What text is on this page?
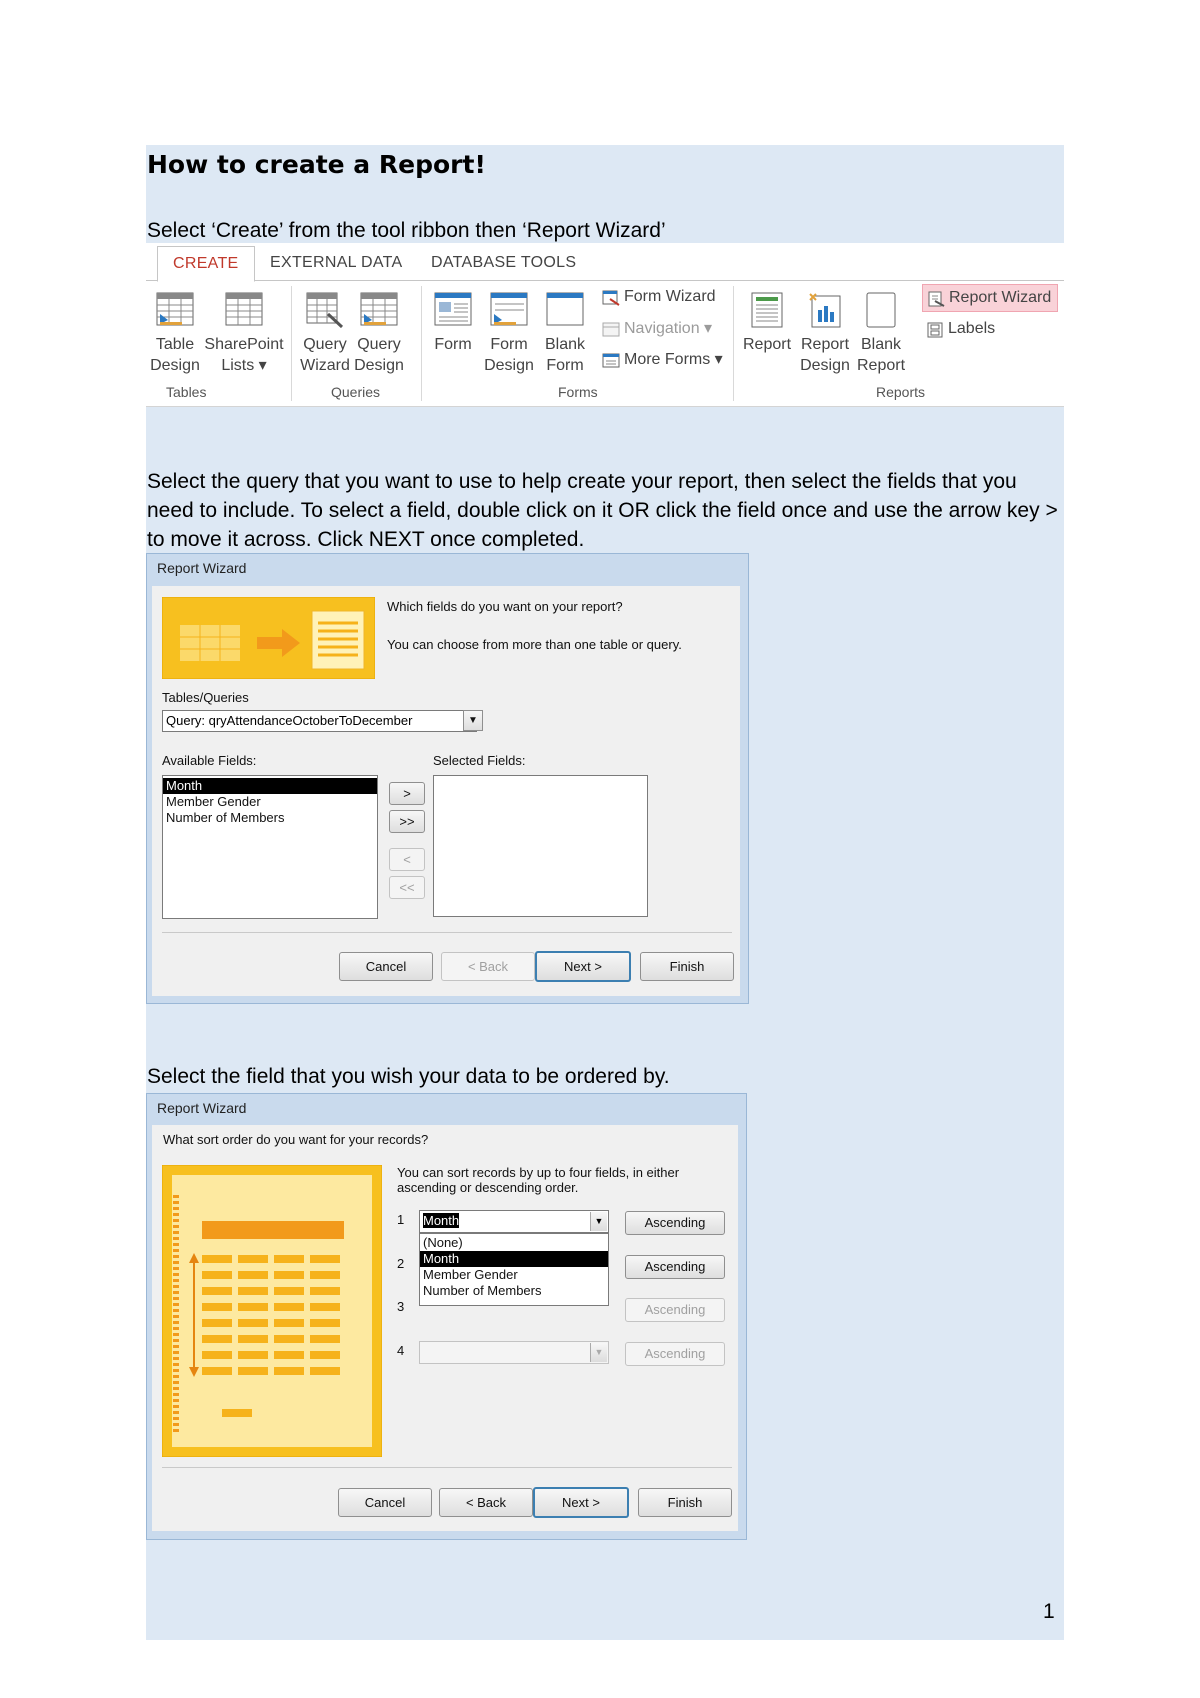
How to create a Report!
Select ‘Create’ from the tool ribbon then ‘Report Wizard’
CREATE	EXTERNAL DATA DATABASE TOOLS
Table
Design
SharePoint
Lists ▾
Tables
Query
Wizard
Query
Design
Queries
Form	Form
Design
Blank
Form
Form Wizard
Navigation ▾
More Forms ▾
Forms
Report Report
Design
Blank
Report
Report Wizard
Labels
Reports
Select the query that you want to use to help create your report, then select the fields that you need to include. To select a field, double click on it OR click the field once and use the arrow key > to move it across. Click NEXT once completed.
Report Wizard
Which fields do you want on your report?
You can choose from more than one table or query.
Tables/Queries
Query: qryAttendanceOctoberToDecember	▼
Available Fields:	Selected Fields:
Month
Member Gender
Number of Members
>
>>
<
<<
Cancel	< Back	Next >	Finish
Select the field that you wish your data to be ordered by.
Report Wizard
What sort order do you want for your records?
You can sort records by up to four fields, in either
ascending or descending order.
1
2
3
4
Month	▼
(None)
Month
Member Gender
Number of Members
▼
Ascending
Ascending
Ascending
Ascending
Cancel	< Back	Next >	Finish
1
